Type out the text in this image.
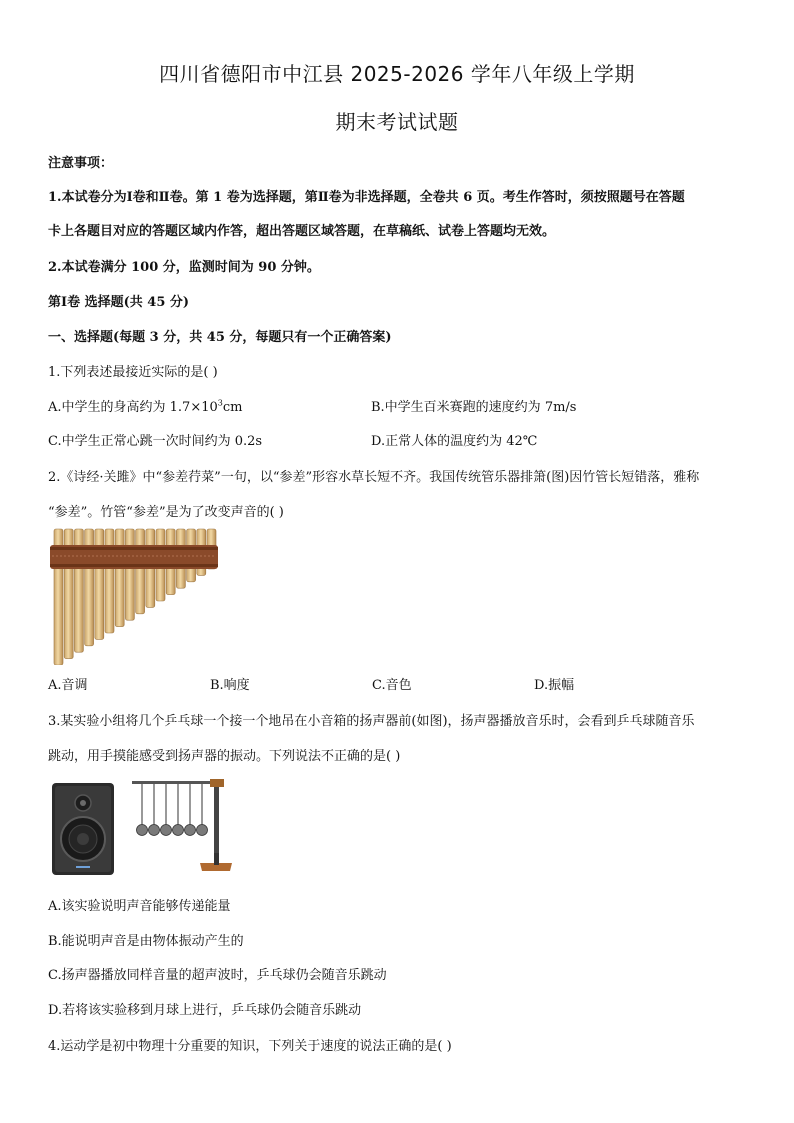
四川省德阳市中江县 2025-2026 学年八年级上学期
期末考试试题
注意事项：
1.本试卷分为Ⅰ卷和Ⅱ卷。第 1 卷为选择题，第Ⅱ卷为非选择题，全卷共 6 页。考生作答时，须按照题号在答题
卡上各题目对应的答题区域内作答，超出答题区域答题，在草稿纸、试卷上答题均无效。
2.本试卷满分 100 分，监测时间为 90 分钟。
第Ⅰ卷 选择题(共 45 分)
一、选择题(每题 3 分，共 45 分，每题只有一个正确答案)
1.下列表述最接近实际的是( )
A.中学生的身高约为 $1.7\times 10^3cm$	B.中学生百米赛跑的速度约为 7m/s
C.中学生正常心跳一次时间约为 0.2s	D.正常人体的温度约为 42℃
2.《诗经·关雎》中“参差荇菜”一句，以“参差”形容水草长短不齐。我国传统管乐器排箫(图)因竹管长短错落，雅称
“参差”。竹管“参差”是为了改变声音的( )
A.音调	B.响度	C.音色	D.振幅
3.某实验小组将几个乒乓球一个接一个地吊在小音箱的扬声器前(如图)，扬声器播放音乐时，会看到乒乓球随音乐
跳动，用手摸能感受到扬声器的振动。下列说法不正确的是( )
A.该实验说明声音能够传递能量
B.能说明声音是由物体振动产生的
C.扬声器播放同样音量的超声波时，乒乓球仍会随音乐跳动
D.若将该实验移到月球上进行，乒乓球仍会随音乐跳动
4.运动学是初中物理十分重要的知识，下列关于速度的说法正确的是( )
